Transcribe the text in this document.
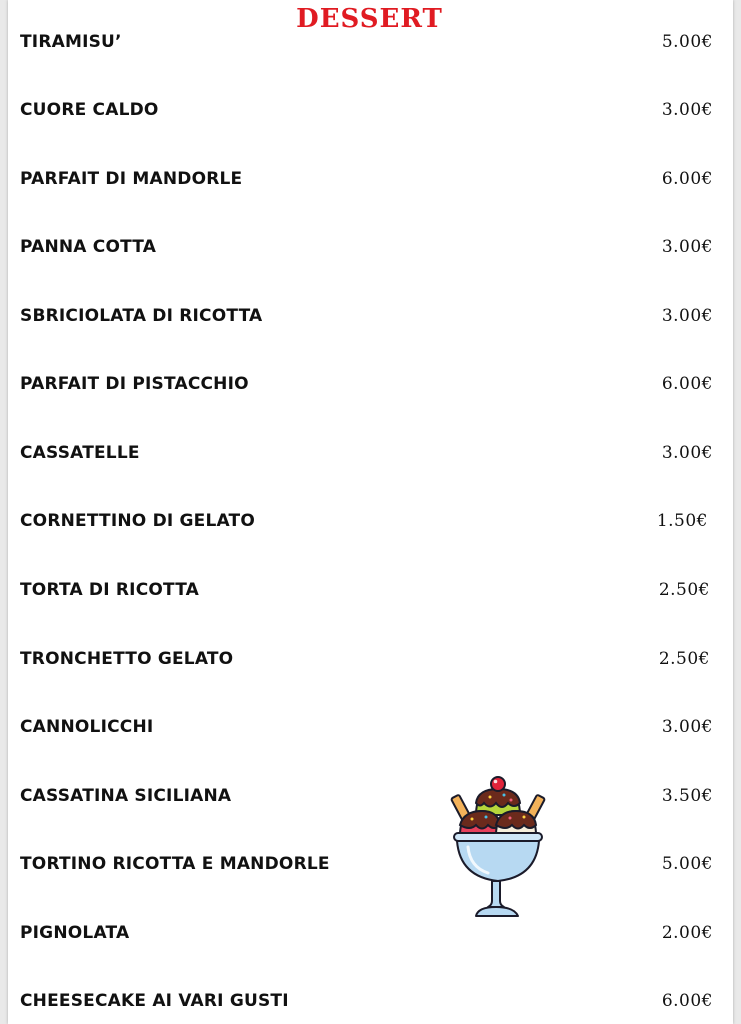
DESSERT
TIRAMISU’	5.00€
CUORE CALDO	3.00€
PARFAIT DI MANDORLE	6.00€
PANNA COTTA	3.00€
SBRICIOLATA DI RICOTTA	3.00€
PARFAIT DI PISTACCHIO	6.00€
CASSATELLE	3.00€
CORNETTINO DI GELATO	1.50€
TORTA DI RICOTTA	2.50€
TRONCHETTO GELATO	2.50€
CANNOLICCHI	3.00€
CASSATINA SICILIANA	3.50€
TORTINO RICOTTA E MANDORLE	5.00€
PIGNOLATA	2.00€
CHEESECAKE AI VARI GUSTI	6.00€
